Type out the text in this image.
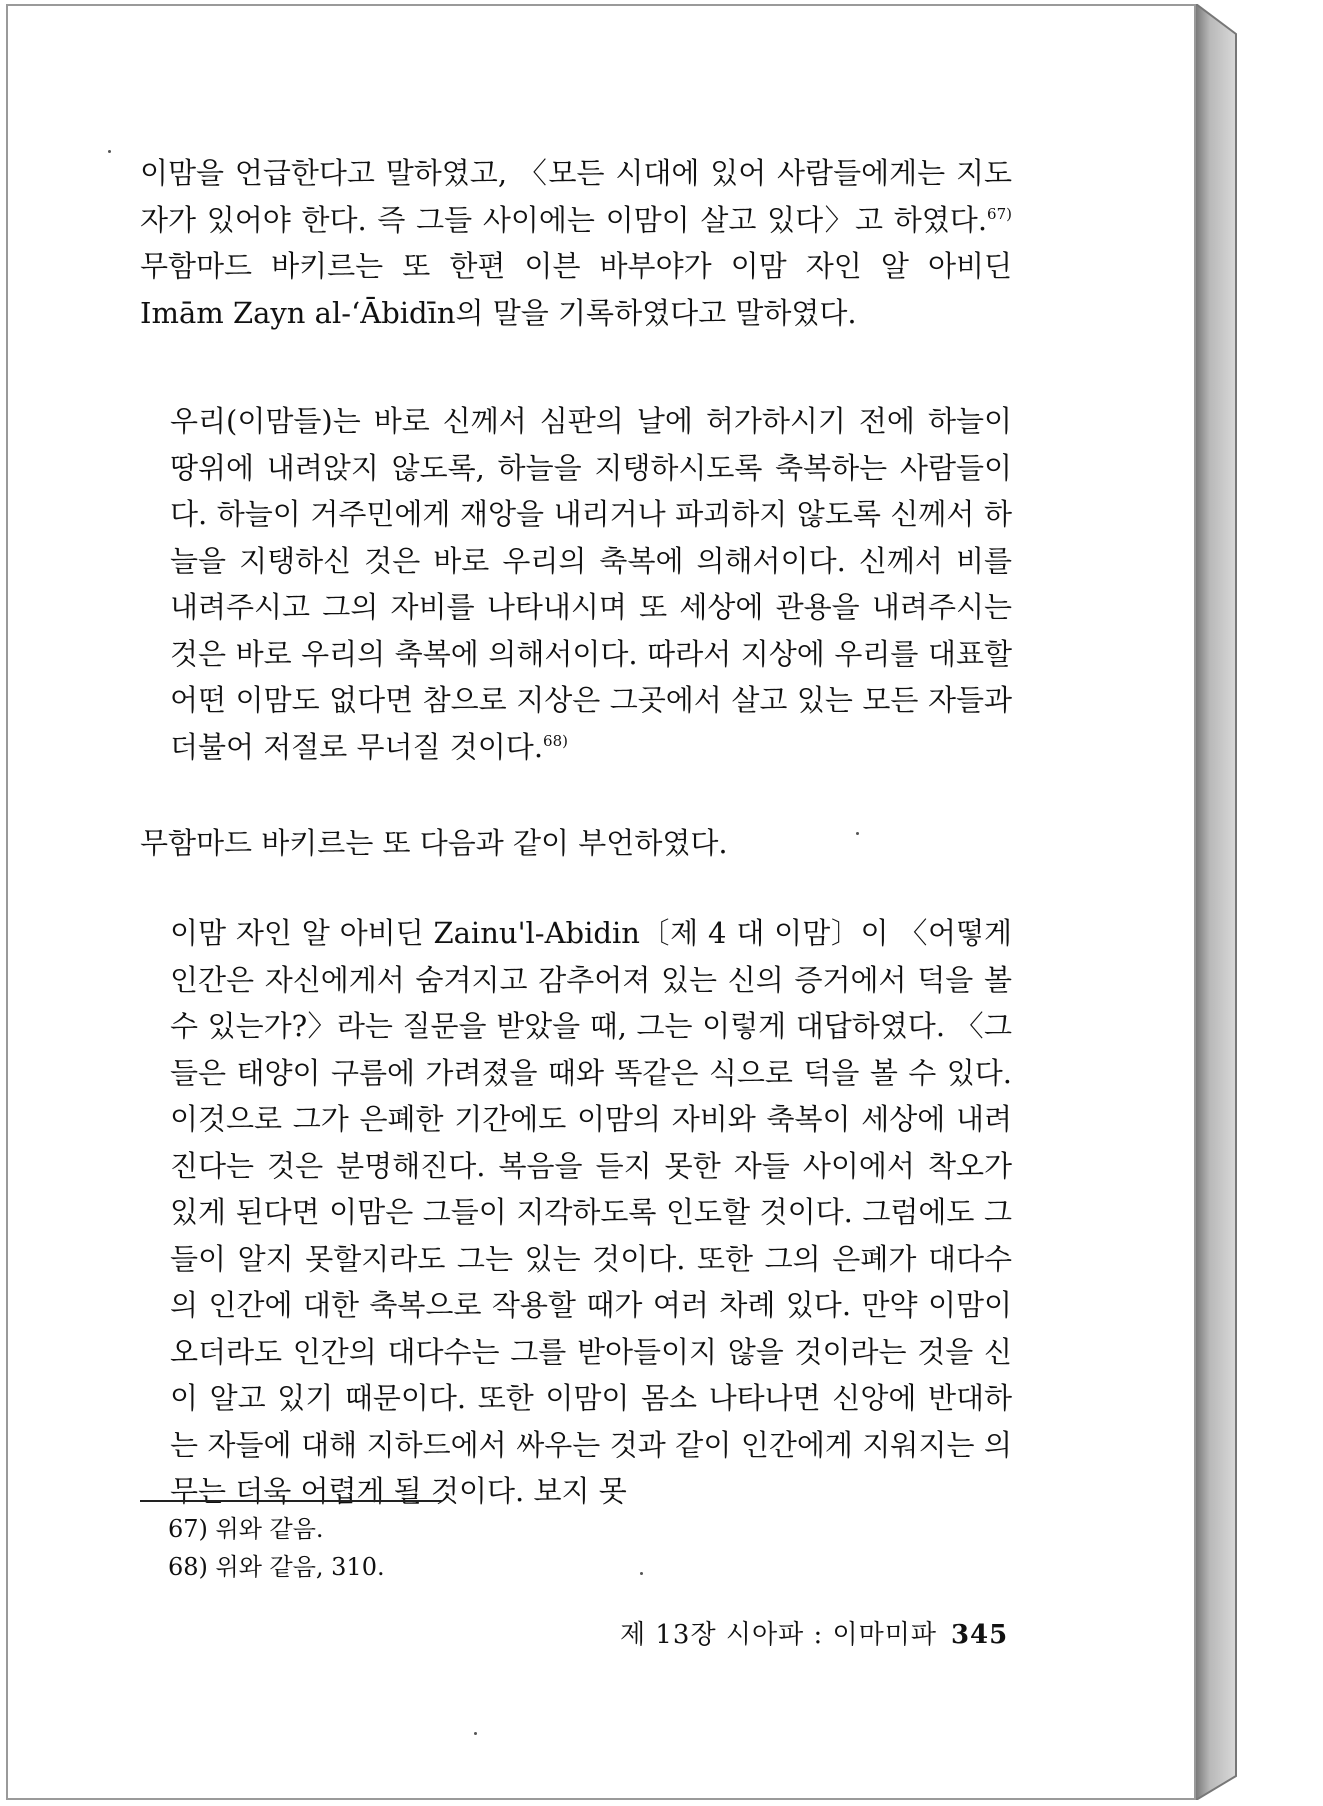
이맘을 언급한다고 말하였고, 〈모든 시대에 있어 사람들에게는 지도자가 있어야 한다. 즉 그들 사이에는 이맘이 살고 있다〉고 하였다.$^{67)}$ 무함마드 바키르는 또 한편 이븐 바부야가 이맘 자인 알 아비딘 Imām Zayn al-ʻĀbidīn의 말을 기록하였다고 말하였다.

우리(이맘들)는 바로 신께서 심판의 날에 허가하시기 전에 하늘이 땅위에 내려앉지 않도록, 하늘을 지탱하시도록 축복하는 사람들이다. 하늘이 거주민에게 재앙을 내리거나 파괴하지 않도록 신께서 하늘을 지탱하신 것은 바로 우리의 축복에 의해서이다. 신께서 비를 내려주시고 그의 자비를 나타내시며 또 세상에 관용을 내려주시는 것은 바로 우리의 축복에 의해서이다. 따라서 지상에 우리를 대표할 어떤 이맘도 없다면 참으로 지상은 그곳에서 살고 있는 모든 자들과 더불어 저절로 무너질 것이다.$^{68)}$

무함마드 바키르는 또 다음과 같이 부언하였다.

이맘 자인 알 아비딘 Zainu'l-Abidin〔제 4 대 이맘〕이 〈어떻게 인간은 자신에게서 숨겨지고 감추어져 있는 신의 증거에서 덕을 볼 수 있는가?〉라는 질문을 받았을 때, 그는 이렇게 대답하였다. 〈그들은 태양이 구름에 가려졌을 때와 똑같은 식으로 덕을 볼 수 있다. 이것으로 그가 은폐한 기간에도 이맘의 자비와 축복이 세상에 내려진다는 것은 분명해진다. 복음을 듣지 못한 자들 사이에서 착오가 있게 된다면 이맘은 그들이 지각하도록 인도할 것이다. 그럼에도 그들이 알지 못할지라도 그는 있는 것이다. 또한 그의 은폐가 대다수의 인간에 대한 축복으로 작용할 때가 여러 차례 있다. 만약 이맘이 오더라도 인간의 대다수는 그를 받아들이지 않을 것이라는 것을 신이 알고 있기 때문이다. 또한 이맘이 몸소 나타나면 신앙에 반대하는 자들에 대해 지하드에서 싸우는 것과 같이 인간에게 지워지는 의무는 더욱 어렵게 될 것이다. 보지 못
67) 위와 같음.
68) 위와 같음, 310.
제 13장 시아파 : 이마미파 345
